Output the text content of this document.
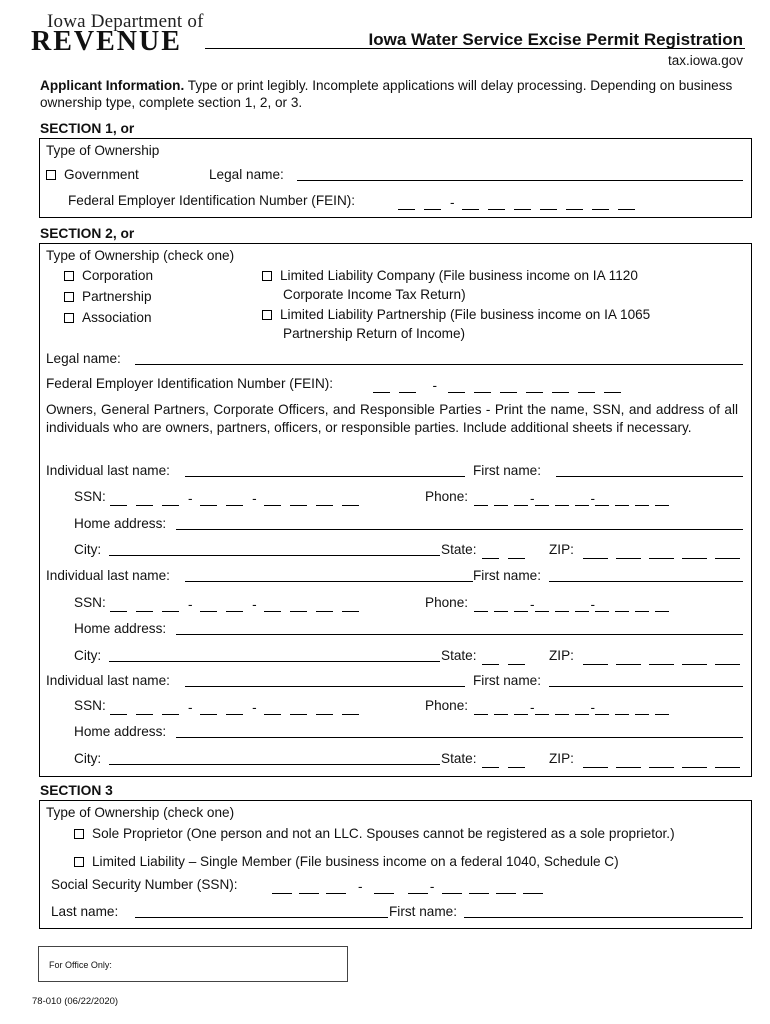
Iowa Department of
REVENUE	Iowa Water Service Excise Permit Registration
tax.iowa.gov
Applicant Information. Type or print legibly. Incomplete applications will delay processing. Depending on business ownership type, complete section 1, 2, or 3.
SECTION 1, or
Type of Ownership
Government	Legal name:
Federal Employer Identification Number (FEIN):	-
SECTION 2, or
Type of Ownership (check one)
Corporation
Partnership
Association
Limited Liability Company (File business income on IA 1120
Corporate Income Tax Return)
Limited Liability Partnership (File business income on IA 1065
Partnership Return of Income)
Legal name:
Federal Employer Identification Number (FEIN):	-
Owners, General Partners, Corporate Officers, and Responsible Parties - Print the name, SSN, and address of all individuals who are owners, partners, officers, or responsible parties. Include additional sheets if necessary.
Individual last name:	First name:
SSN:	-	-	Phone:	-	-
Home address:
City:	State:	ZIP:
Individual last name:	First name:
SSN:	-	-	Phone:	-	-
Home address:
City:	State:	ZIP:
Individual last name:	First name:
SSN:	-	-	Phone:	-	-
Home address:
City:	State:	ZIP:
SECTION 3
Type of Ownership (check one)
Sole Proprietor (One person and not an LLC. Spouses cannot be registered as a sole proprietor.)
Limited Liability – Single Member (File business income on a federal 1040, Schedule C)
Social Security Number (SSN):	-	-
Last name:	First name:
For Office Only:
78-010 (06/22/2020)
